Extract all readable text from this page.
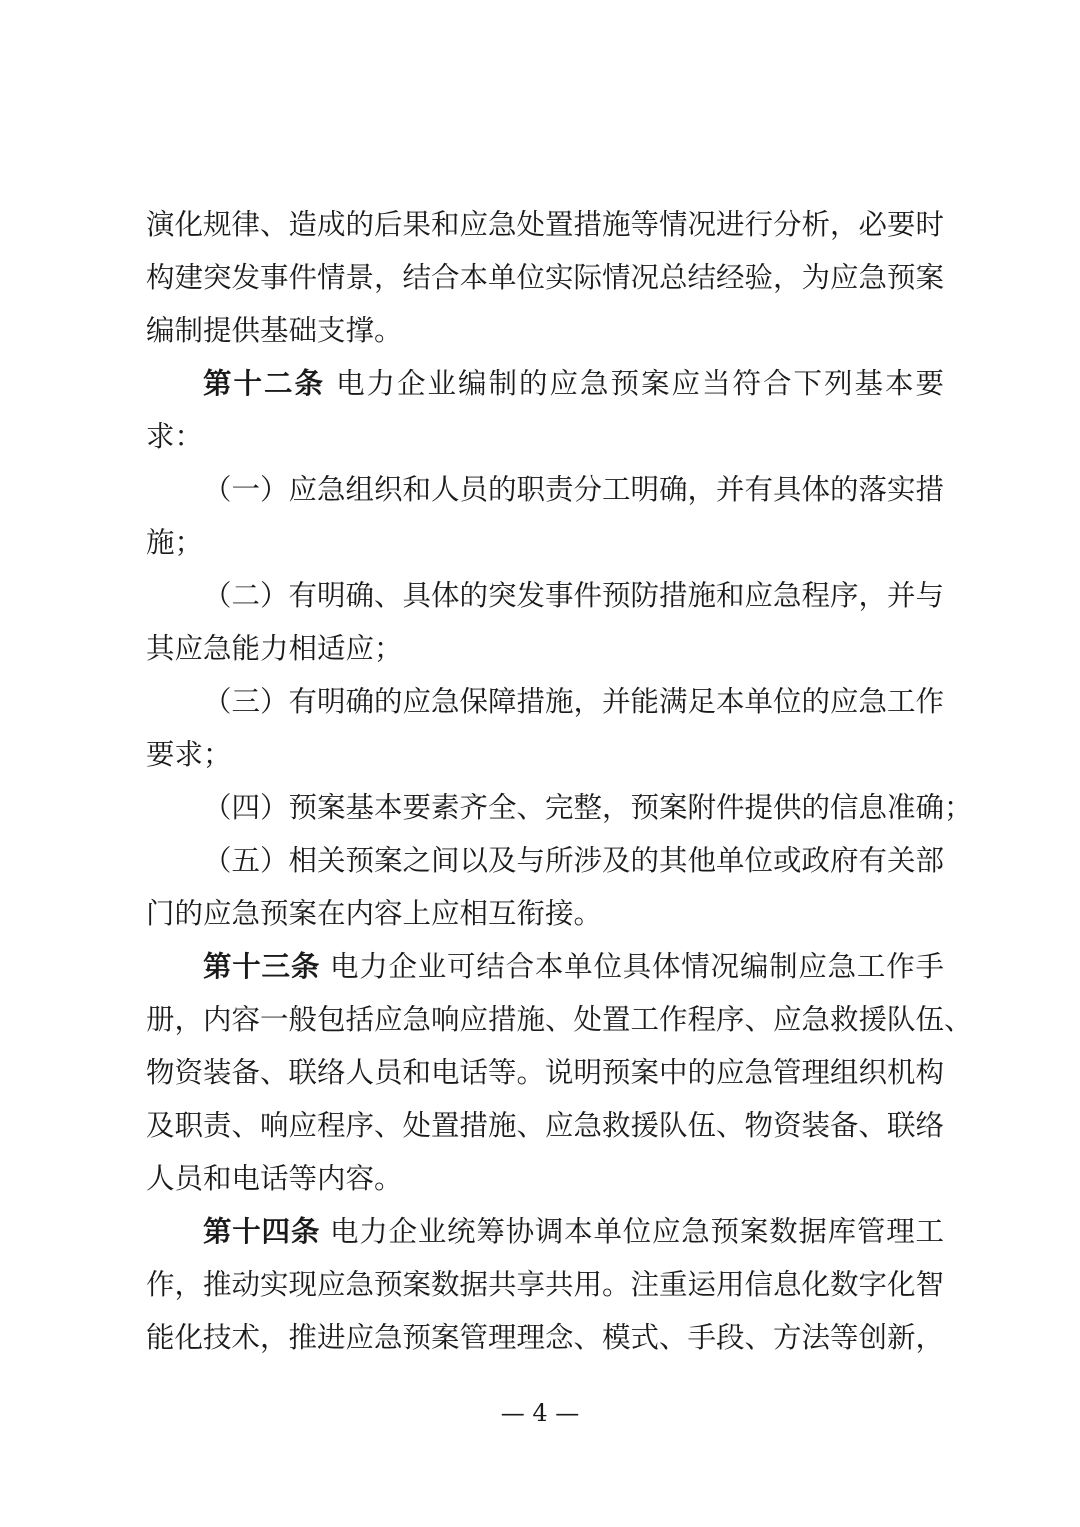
演化规律、造成的后果和应急处置措施等情况进行分析，必要时
构建突发事件情景，结合本单位实际情况总结经验，为应急预案
编制提供基础支撑。
第十二条 电力企业编制的应急预案应当符合下列基本要
求：
（一）应急组织和人员的职责分工明确，并有具体的落实措
施；
（二）有明确、具体的突发事件预防措施和应急程序，并与
其应急能力相适应；
（三）有明确的应急保障措施，并能满足本单位的应急工作
要求；
（四）预案基本要素齐全、完整，预案附件提供的信息准确；
（五）相关预案之间以及与所涉及的其他单位或政府有关部
门的应急预案在内容上应相互衔接。
第十三条 电力企业可结合本单位具体情况编制应急工作手
册，内容一般包括应急响应措施、处置工作程序、应急救援队伍、
物资装备、联络人员和电话等。说明预案中的应急管理组织机构
及职责、响应程序、处置措施、应急救援队伍、物资装备、联络
人员和电话等内容。
第十四条 电力企业统筹协调本单位应急预案数据库管理工
作，推动实现应急预案数据共享共用。注重运用信息化数字化智
能化技术，推进应急预案管理理念、模式、手段、方法等创新，
— 4 —
